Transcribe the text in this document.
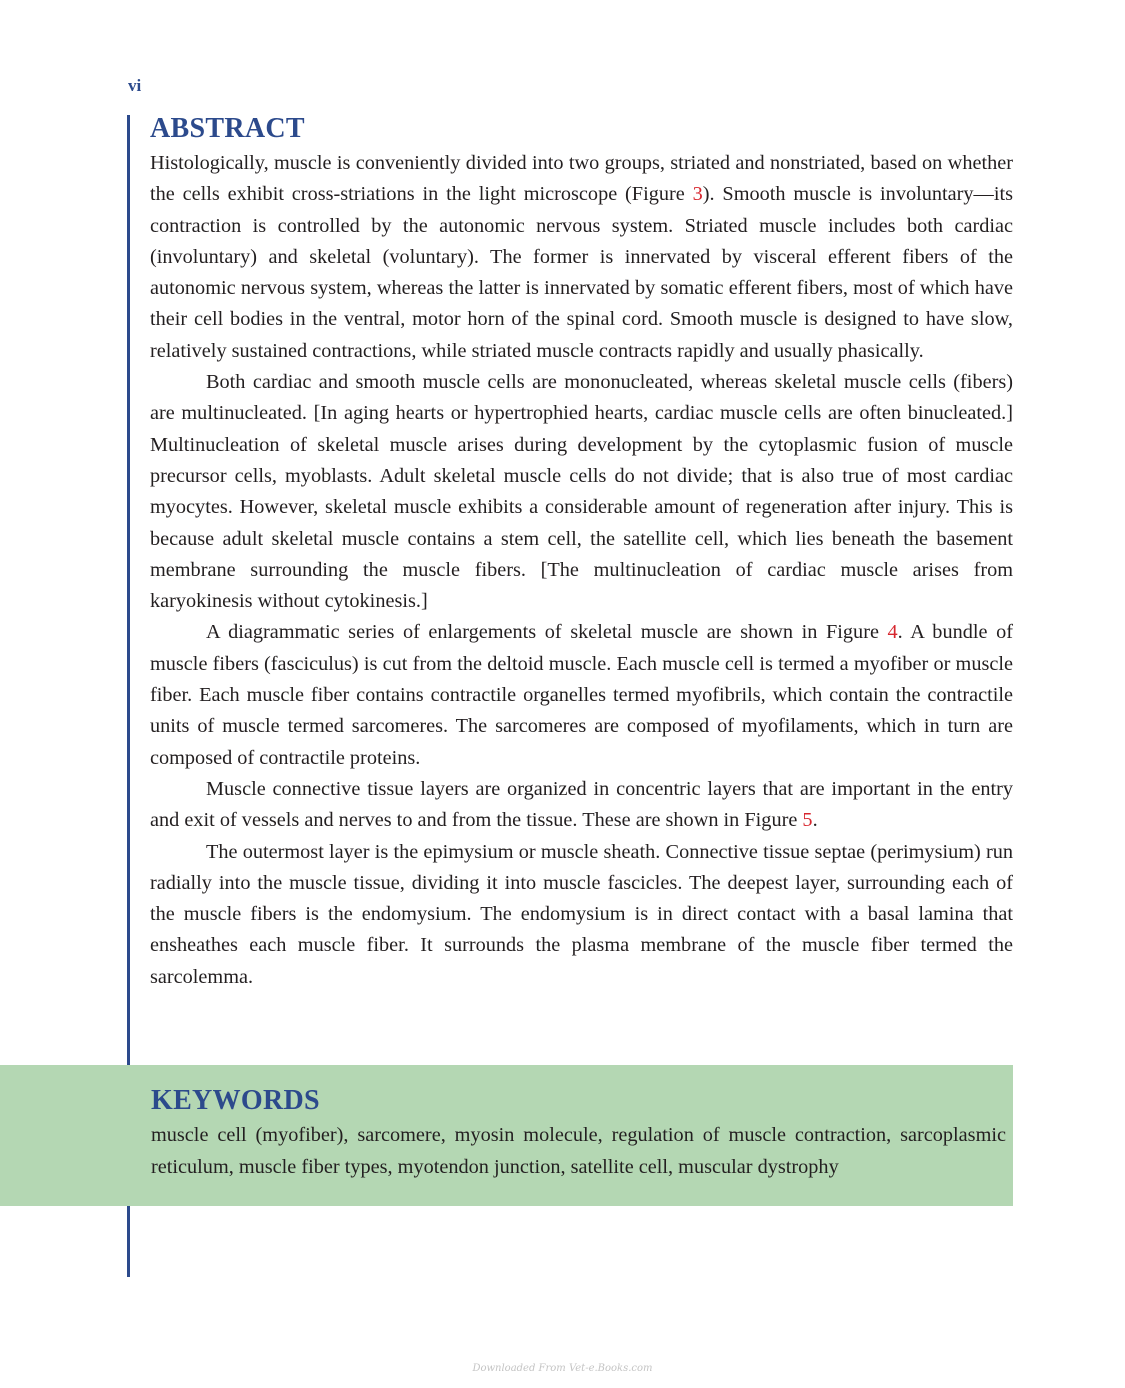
vi
ABSTRACT

Histologically, muscle is conveniently divided into two groups, striated and nonstriated, based on whether the cells exhibit cross-striations in the light microscope (Figure 3). Smooth muscle is involuntary—its contraction is controlled by the autonomic nervous system. Striated muscle includes both cardiac (involuntary) and skeletal (voluntary). The former is innervated by visceral efferent fibers of the autonomic nervous system, whereas the latter is innervated by somatic efferent fibers, most of which have their cell bodies in the ventral, motor horn of the spinal cord. Smooth muscle is designed to have slow, relatively sustained contractions, while striated muscle contracts rapidly and usually phasically.

Both cardiac and smooth muscle cells are mononucleated, whereas skeletal muscle cells (fibers) are multinucleated. [In aging hearts or hypertrophied hearts, cardiac muscle cells are often binucleated.] Multinucleation of skeletal muscle arises during development by the cytoplasmic fusion of muscle precursor cells, myoblasts. Adult skeletal muscle cells do not divide; that is also true of most cardiac myocytes. However, skeletal muscle exhibits a considerable amount of regeneration after injury. This is because adult skeletal muscle contains a stem cell, the satellite cell, which lies beneath the basement membrane surrounding the muscle fibers. [The multinucleation of cardiac muscle arises from karyokinesis without cytokinesis.]

A diagrammatic series of enlargements of skeletal muscle are shown in Figure 4. A bundle of muscle fibers (fasciculus) is cut from the deltoid muscle. Each muscle cell is termed a myofiber or muscle fiber. Each muscle fiber contains contractile organelles termed myofibrils, which contain the contractile units of muscle termed sarcomeres. The sarcomeres are composed of myofilaments, which in turn are composed of contractile proteins.

Muscle connective tissue layers are organized in concentric layers that are important in the entry and exit of vessels and nerves to and from the tissue. These are shown in Figure 5.

The outermost layer is the epimysium or muscle sheath. Connective tissue septae (perimysium) run radially into the muscle tissue, dividing it into muscle fascicles. The deepest layer, surrounding each of the muscle fibers is the endomysium. The endomysium is in direct contact with a basal lamina that ensheathes each muscle fiber. It surrounds the plasma membrane of the muscle fiber termed the sarcolemma.

KEYWORDS
muscle cell (myofiber), sarcomere, myosin molecule, regulation of muscle contraction, sarcoplasmic reticulum, muscle fiber types, myotendon junction, satellite cell, muscular dystrophy
Downloaded From Vet-e.Books.com
